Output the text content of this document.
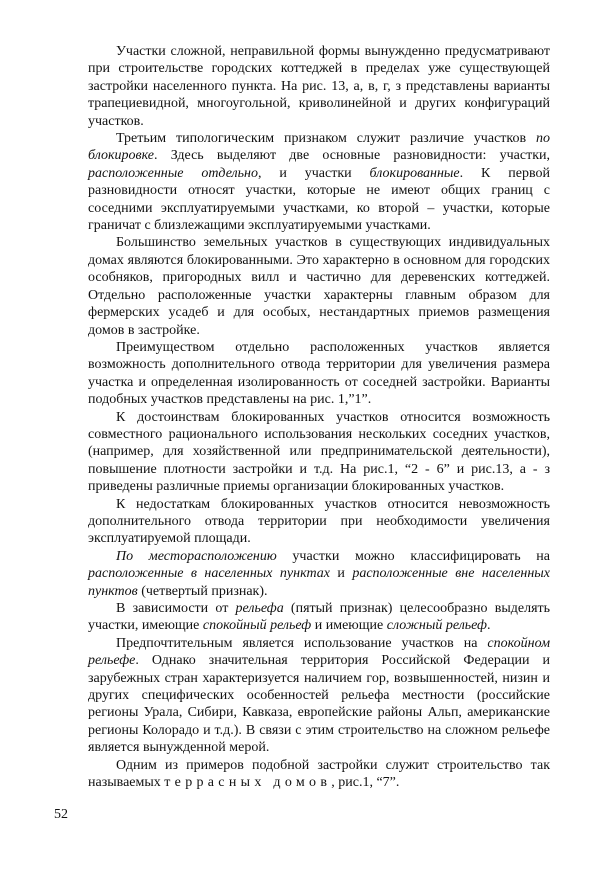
Участки сложной, неправильной формы вынужденно предусматривают при строительстве городских коттеджей в пределах уже существующей застройки населенного пункта. На рис. 13, а, в, г, з представлены варианты трапециевидной, многоугольной, криволинейной и других конфигураций участков.

Третьим типологическим признаком служит различие участков по блокировке. Здесь выделяют две основные разновидности: участки, расположенные отдельно, и участки блокированные. К первой разновидности относят участки, которые не имеют общих границ с соседними эксплуатируемыми участками, ко второй – участки, которые граничат с близлежащими эксплуатируемыми участками.

Большинство земельных участков в существующих индивидуальных домах являются блокированными. Это характерно в основном для городских особняков, пригородных вилл и частично для деревенских коттеджей. Отдельно расположенные участки характерны главным образом для фермерских усадеб и для особых, нестандартных приемов размещения домов в застройке.

Преимуществом отдельно расположенных участков является возможность дополнительного отвода территории для увеличения размера участка и определенная изолированность от соседней застройки. Варианты подобных участков представлены на рис. 1,”1”.

К достоинствам блокированных участков относится возможность совместного рационального использования нескольких соседних участков, (например, для хозяйственной или предпринимательской деятельности), повышение плотности застройки и т.д. На рис.1, “2 - 6” и рис.13, а - з приведены различные приемы организации блокированных участков.

К недостаткам блокированных участков относится невозможность дополнительного отвода территории при необходимости увеличения эксплуатируемой площади.

По месторасположению участки можно классифицировать на расположенные в населенных пунктах и расположенные вне населенных пунктов (четвертый признак).

В зависимости от рельефа (пятый признак) целесообразно выделять участки, имеющие спокойный рельеф и имеющие сложный рельеф.

Предпочтительным является использование участков на спокойном рельефе. Однако значительная территория Российской Федерации и зарубежных стран характеризуется наличием гор, возвышенностей, низин и других специфических особенностей рельефа местности (российские регионы Урала, Сибири, Кавказа, европейские районы Альп, американские регионы Колорадо и т.д.). В связи с этим строительство на сложном рельефе является вынужденной мерой.

Одним из примеров подобной застройки служит строительство так называемых террасных домов, рис.1, “7”.

52
